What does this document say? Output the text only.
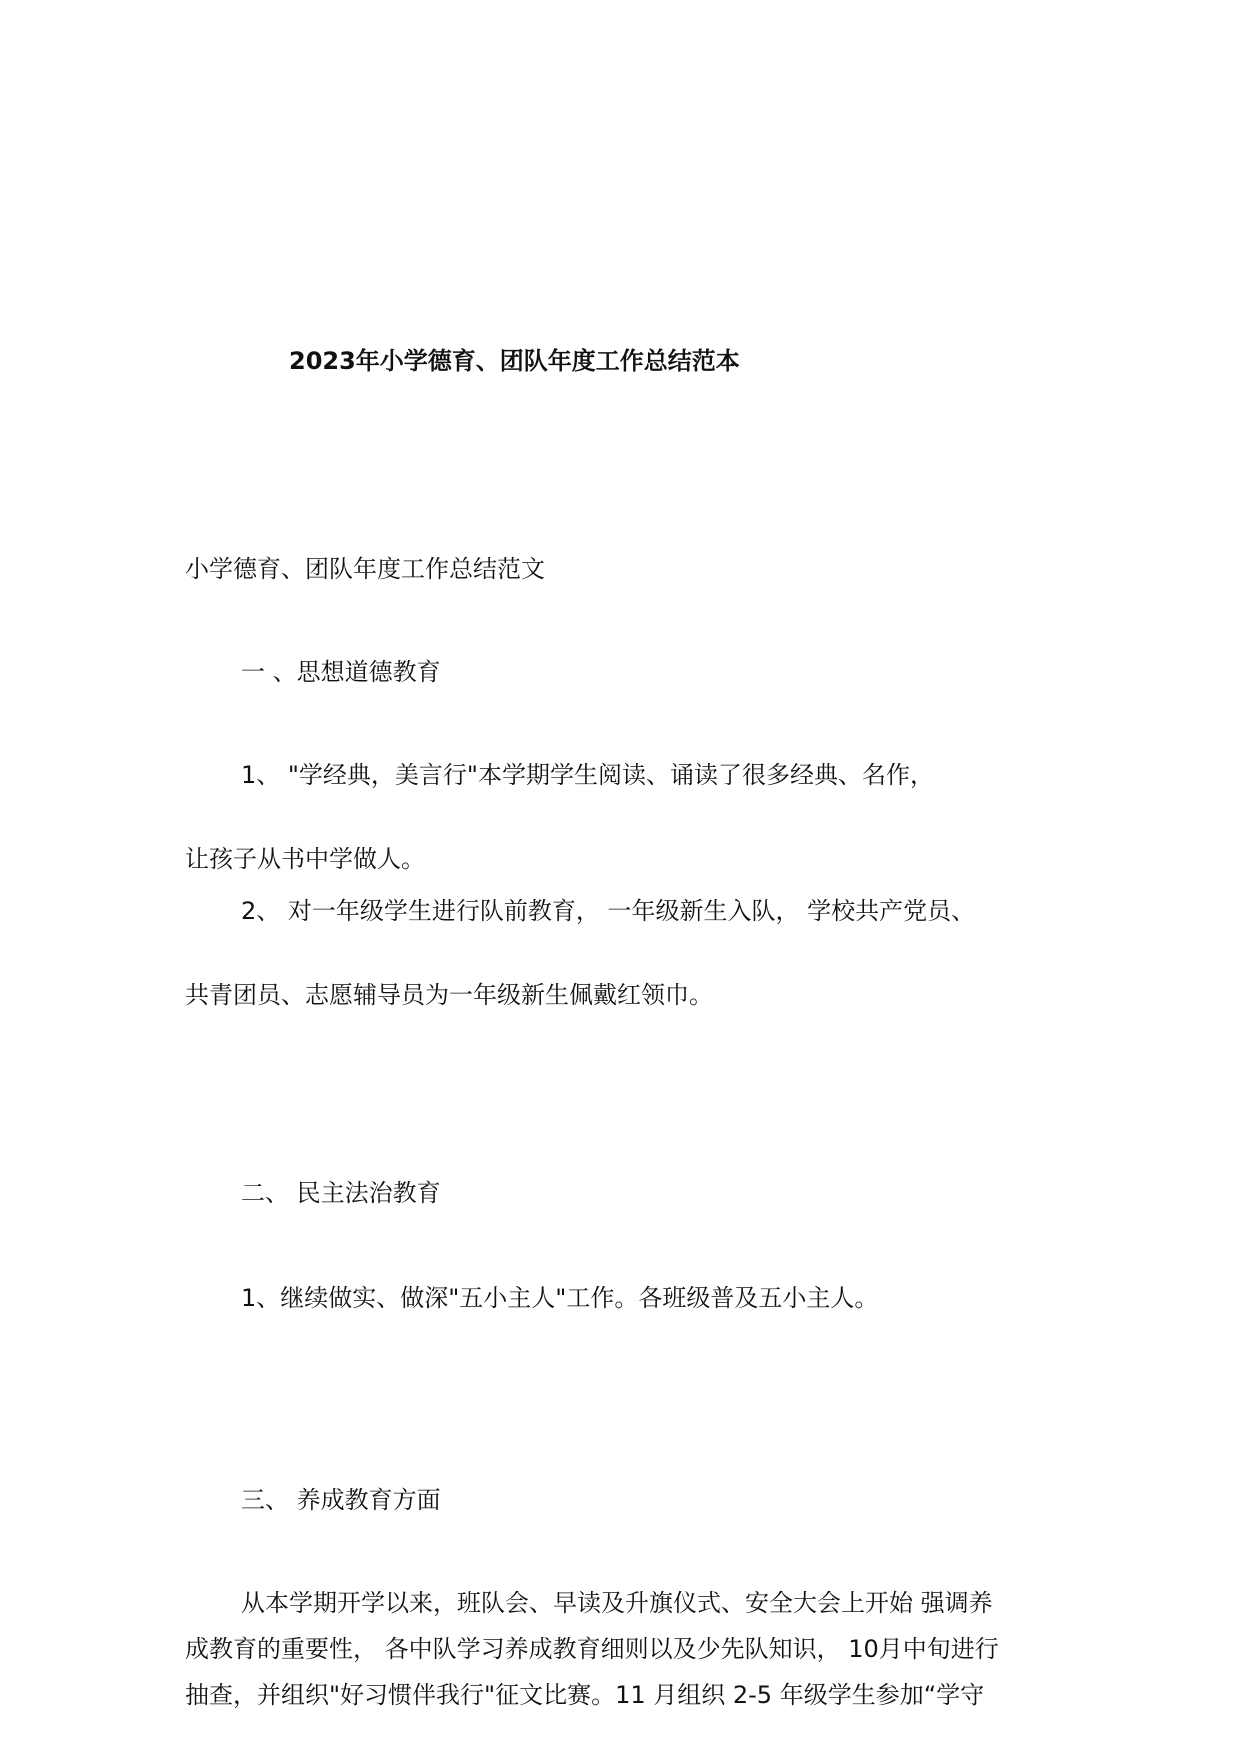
2023年小学德育、团队年度工作总结范本
小学德育、团队年度工作总结范文
一 、思想道德教育
1、 "学经典，美言行"本学期学生阅读、诵读了很多经典、名作，
让孩子从书中学做人。
2、 对一年级学生进行队前教育， 一年级新生入队， 学校共产党员、
共青团员、志愿辅导员为一年级新生佩戴红领巾。
二、 民主法治教育
1、继续做实、做深"五小主人"工作。各班级普及五小主人。
三、 养成教育方面
从本学期开学以来，班队会、早读及升旗仪式、安全大会上开始 强调养
成教育的重要性， 各中队学习养成教育细则以及少先队知识， 10月中旬进行
抽查，并组织"好习惯伴我行"征文比赛。11 月组织 2-5 年级学生参加“学守
